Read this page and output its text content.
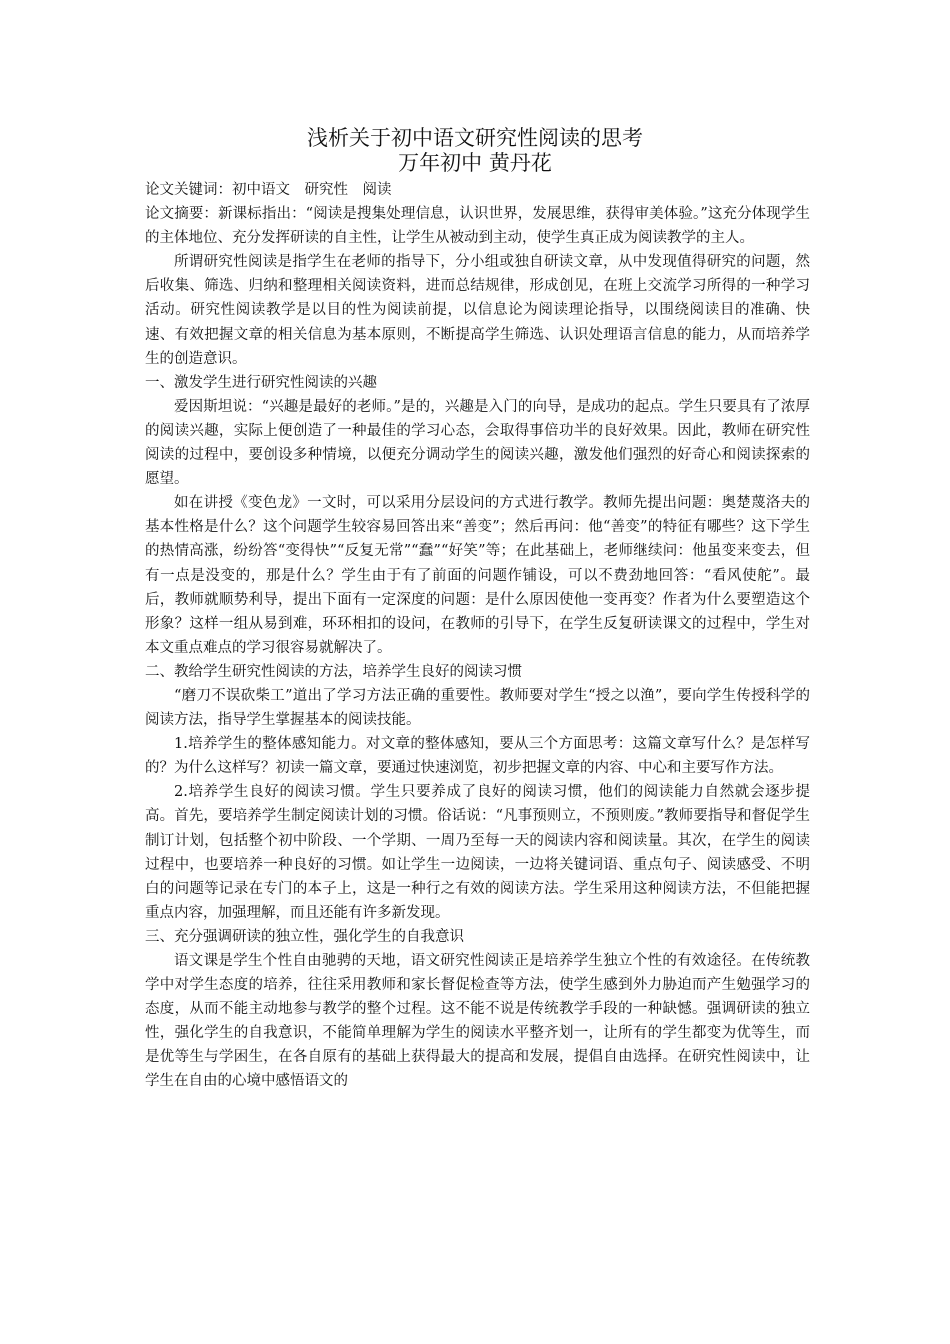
浅析关于初中语文研究性阅读的思考
万年初中 黄丹花

论文关键词：初中语文　研究性　阅读

论文摘要：新课标指出：“阅读是搜集处理信息，认识世界，发展思维，获得审美体验。”这充分体现学生的主体地位、充分发挥研读的自主性，让学生从被动到主动，使学生真正成为阅读教学的主人。

所谓研究性阅读是指学生在老师的指导下，分小组或独自研读文章，从中发现值得研究的问题，然后收集、筛选、归纳和整理相关阅读资料，进而总结规律，形成创见，在班上交流学习所得的一种学习活动。研究性阅读教学是以目的性为阅读前提，以信息论为阅读理论指导，以围绕阅读目的准确、快速、有效把握文章的相关信息为基本原则，不断提高学生筛选、认识处理语言信息的能力，从而培养学生的创造意识。

一、激发学生进行研究性阅读的兴趣

爱因斯坦说：“兴趣是最好的老师。”是的，兴趣是入门的向导，是成功的起点。学生只要具有了浓厚的阅读兴趣，实际上便创造了一种最佳的学习心态，会取得事倍功半的良好效果。因此，教师在研究性阅读的过程中，要创设多种情境，以便充分调动学生的阅读兴趣，激发他们强烈的好奇心和阅读探索的愿望。

如在讲授《变色龙》一文时，可以采用分层设问的方式进行教学。教师先提出问题：奥楚蔑洛夫的基本性格是什么？这个问题学生较容易回答出来“善变”；然后再问：他“善变”的特征有哪些？这下学生的热情高涨，纷纷答“变得快”“反复无常”“蠢”“好笑”等；在此基础上，老师继续问：他虽变来变去，但有一点是没变的，那是什么？学生由于有了前面的问题作铺设，可以不费劲地回答：“看风使舵”。最后，教师就顺势利导，提出下面有一定深度的问题：是什么原因使他一变再变？作者为什么要塑造这个形象？这样一组从易到难，环环相扣的设问，在教师的引导下，在学生反复研读课文的过程中，学生对本文重点难点的学习很容易就解决了。

二、教给学生研究性阅读的方法，培养学生良好的阅读习惯

“磨刀不误砍柴工”道出了学习方法正确的重要性。教师要对学生“授之以渔”，要向学生传授科学的阅读方法，指导学生掌握基本的阅读技能。

1.培养学生的整体感知能力。对文章的整体感知，要从三个方面思考：这篇文章写什么？是怎样写的？为什么这样写？初读一篇文章，要通过快速浏览，初步把握文章的内容、中心和主要写作方法。

2.培养学生良好的阅读习惯。学生只要养成了良好的阅读习惯，他们的阅读能力自然就会逐步提高。首先，要培养学生制定阅读计划的习惯。俗话说：“凡事预则立，不预则废。”教师要指导和督促学生制订计划，包括整个初中阶段、一个学期、一周乃至每一天的阅读内容和阅读量。其次，在学生的阅读过程中，也要培养一种良好的习惯。如让学生一边阅读，一边将关键词语、重点句子、阅读感受、不明白的问题等记录在专门的本子上，这是一种行之有效的阅读方法。学生采用这种阅读方法，不但能把握重点内容，加强理解，而且还能有许多新发现。

三、充分强调研读的独立性，强化学生的自我意识

语文课是学生个性自由驰骋的天地，语文研究性阅读正是培养学生独立个性的有效途径。在传统教学中对学生态度的培养，往往采用教师和家长督促检查等方法，使学生感到外力胁迫而产生勉强学习的态度，从而不能主动地参与教学的整个过程。这不能不说是传统教学手段的一种缺憾。强调研读的独立性，强化学生的自我意识，不能简单理解为学生的阅读水平整齐划一，让所有的学生都变为优等生，而是优等生与学困生，在各自原有的基础上获得最大的提高和发展，提倡自由选择。在研究性阅读中，让学生在自由的心境中感悟语文的
